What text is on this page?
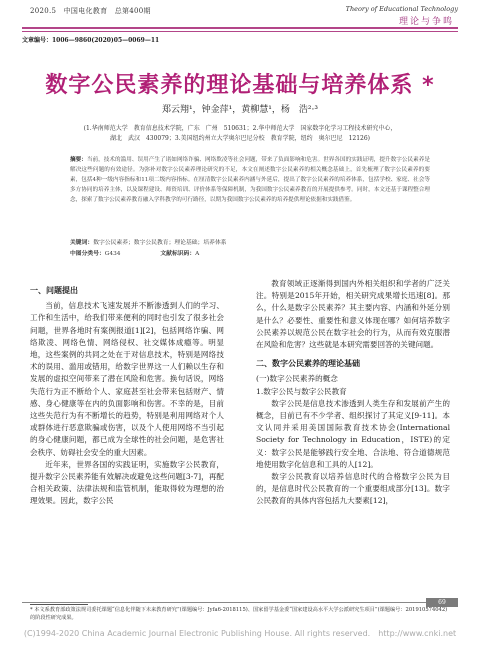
2020.5　中国电化教育　总第400期	Theory of Educational Technology
理论与争鸣
文章编号：1006—9860(2020)05—0069—11
数字公民素养的理论基础与培养体系 *
郑云翔¹，钟金萍¹，黄柳慧¹，杨　浩²·³
(1.华南师范大学　教育信息技术学院，广东　广州　510631；2.华中师范大学　国家数字化学习工程技术研究中心，
湖北　武汉　430079；3.美国纽约州立大学奥尔巴尼分校　教育学院，纽约　奥尔巴尼　12126)
摘要：当前，技术的滥用、误用产生了诸如网络诈骗、网络欺凌等社会问题，带来了负面影响和危害。世界各国的实践证明，提升数字公民素养是解决这些问题的有效途径。为弥补对数字公民素养理论研究的不足，本文在阐述数字公民素养的相关概念基础上，首先梳理了数字公民素养的要素，包括4种一级内容指标和11项二级内容指标。在厘清数字公民素养内涵与外延后，提出了数字公民素养的培养体系，包括学校、家庭、社会等多方协同的培养主体，以及课程建设、师资培训、评价体系等保障机制，为我国数字公民素养教育的开展提供参考。同时，本文还基于课程整合理念，探索了数字公民素养教育融入学科教学的可行路径，以期为我国数字公民素养的培养提供理论依据和实践借鉴。
关键词：数字公民素养；数字公民教育；理论基础；培养体系
中图分类号：G434	文献标识码：A
一、问题提出

当前，信息技术飞速发展并不断渗透到人们的学习、工作和生活中，给我们带来便利的同时也引发了很多社会问题，世界各地时有案例报道[1][2]，包括网络诈骗、网络欺凌、网络色情、网络侵权、社交媒体成瘾等。明显地，这些案例的共同之处在于对信息技术，特别是网络技术的误用、滥用或错用，给数字世界这一人们赖以生存和发展的虚拟空间带来了潜在风险和危害。换句话说，网络失范行为正不断给个人、家庭甚至社会带来包括财产、情感、身心健康等在内的负面影响和伤害。不幸的是，目前这些失范行为有不断增长的趋势，特别是利用网络对个人或群体进行恶意欺骗或伤害，以及个人使用网络不当引起的身心健康问题，都已成为全球性的社会问题，是危害社会秩序、妨碍社会安全的重大因素。

近年来，世界各国的实践证明，实施数字公民教育，提升数字公民素养能有效解决或避免这些问题[3-7]，再配合相关政策、法律法规和监管机制，能取得较为理想的治理效果。因此，数字公民

教育领域正逐渐得到国内外相关组织和学者的广泛关注。特别是2015年开始，相关研究成果增长迅速[8]。那么，什么是数字公民素养？其主要内容、内涵和外延分别是什么？必要性、重要性和意义体现在哪？如何培养数字公民素养以规范公民在数字社会的行为，从而有效克服潜在风险和危害？这些就是本研究需要回答的关键问题。

二、数字公民素养的理论基础

(一)数字公民素养的概念

1.数字公民与数字公民教育

数字公民是信息技术渗透到人类生存和发展前产生的概念，目前已有不少学者、组织探讨了其定义[9-11]。本文认同并采用美国国际教育技术协会(International Society for Technology in Education，ISTE)的定义：数字公民是能够践行安全地、合法地、符合道德规范地使用数字化信息和工具的人[12]。

数字公民教育以培养信息时代的合格数字公民为目的，是信息时代公民教育的一个重要组成部分[13]。数字公民教育的具体内容包括九大要素[12]，

69
* 本文系教育部政策法规司委托课题“信息化伴随下未来教育研究”(课题编号：Jyfa6-2018115)、国家留学基金委“国家建设高水平大学公派研究生项目”(课题编号：201910574042)的阶段性研究成果。
(C)1994-2020 China Academic Journal Electronic Publishing House. All rights reserved.　http://www.cnki.net
